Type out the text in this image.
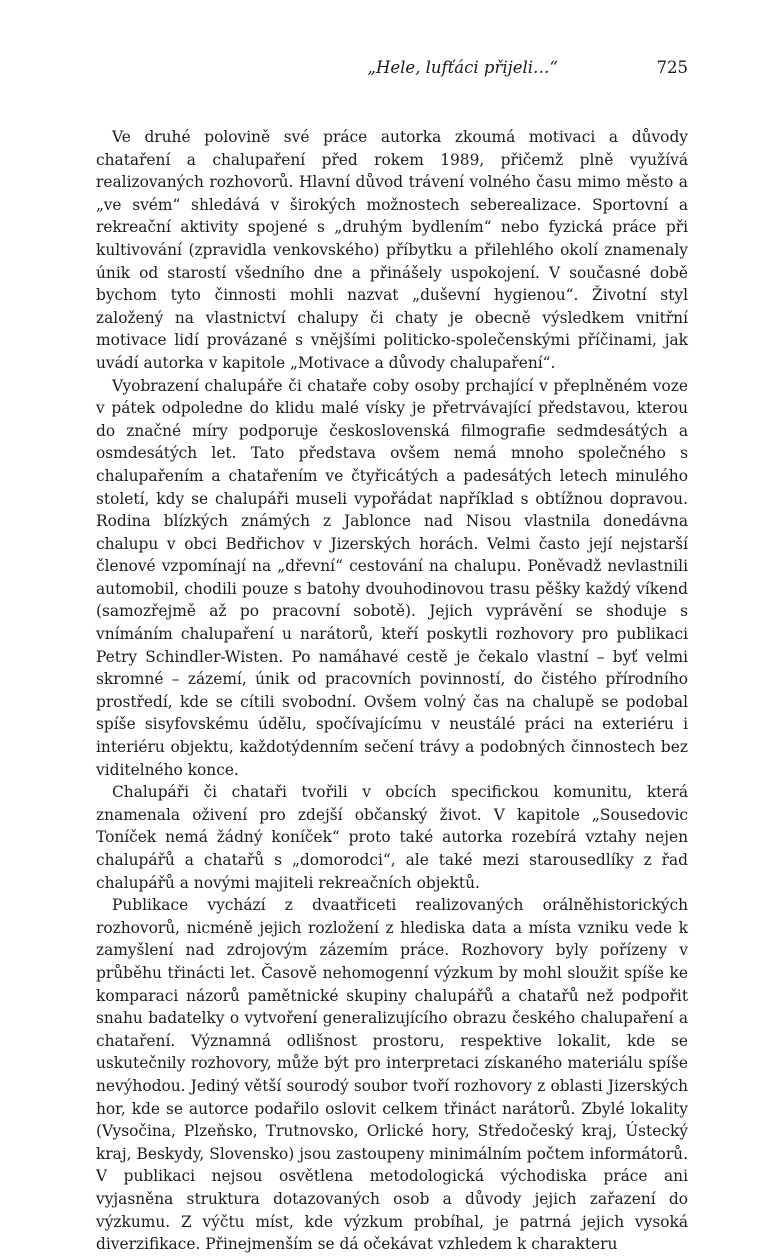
„Hele, lufťáci přijeli…“	725

Ve druhé polovině své práce autorka zkoumá motivaci a důvody chataření a chalupaření před rokem 1989, přičemž plně využívá realizovaných rozhovorů. Hlavní důvod trávení volného času mimo město a „ve svém“ shledává v širokých možnostech seberealizace. Sportovní a rekreační aktivity spojené s „druhým bydlením“ nebo fyzická práce při kultivování (zpravidla venkovského) příbytku a přilehlého okolí znamenaly únik od starostí všedního dne a přinášely uspokojení. V současné době bychom tyto činnosti mohli nazvat „duševní hygienou“. Životní styl založený na vlastnictví chalupy či chaty je obecně výsledkem vnitřní motivace lidí provázané s vnějšími politicko-společenskými příčinami, jak uvádí autorka v kapitole „Motivace a důvody chalupaření“.

Vyobrazení chalupáře či chataře coby osoby prchající v přeplněném voze v pátek odpoledne do klidu malé vísky je přetrvávající představou, kterou do značné míry podporuje československá filmografie sedmdesátých a osmdesátých let. Tato představa ovšem nemá mnoho společného s chalupařením a chatařením ve čtyřicátých a padesátých letech minulého století, kdy se chalupáři museli vypořádat například s obtížnou dopravou. Rodina blízkých známých z Jablonce nad Nisou vlastnila donedávna chalupu v obci Bedřichov v Jizerských horách. Velmi často její nejstarší členové vzpomínají na „dřevní“ cestování na chalupu. Poněvadž nevlastnili automobil, chodili pouze s batohy dvouhodinovou trasu pěšky každý víkend (samozřejmě až po pracovní sobotě). Jejich vyprávění se shoduje s vnímáním chalupaření u narátorů, kteří poskytli rozhovory pro publikaci Petry Schindler-Wisten. Po namáhavé cestě je čekalo vlastní – byť velmi skromné – zázemí, únik od pracovních povinností, do čistého přírodního prostředí, kde se cítili svobodní. Ovšem volný čas na chalupě se podobal spíše sisyfovskému údělu, spočívajícímu v neustálé práci na exteriéru i interiéru objektu, každotýdenním sečení trávy a podobných činnostech bez viditelného konce.

Chalupáři či chataři tvořili v obcích specifickou komunitu, která znamenala oživení pro zdejší občanský život. V kapitole „Sousedovic Toníček nemá žádný koníček“ proto také autorka rozebírá vztahy nejen chalupářů a chatařů s „domorodci“, ale také mezi starousedlíky z řad chalupářů a novými majiteli rekreačních objektů.

Publikace vychází z dvaatřiceti realizovaných orálněhistorických rozhovorů, nicméně jejich rozložení z hlediska data a místa vzniku vede k zamyšlení nad zdrojovým zázemím práce. Rozhovory byly pořízeny v průběhu třinácti let. Časově nehomogenní výzkum by mohl sloužit spíše ke komparaci názorů pamětnické skupiny chalupářů a chatařů než podpořit snahu badatelky o vytvoření generalizujícího obrazu českého chalupaření a chataření. Významná odlišnost prostoru, respektive lokalit, kde se uskutečnily rozhovory, může být pro interpretaci získaného materiálu spíše nevýhodou. Jediný větší sourodý soubor tvoří rozhovory z oblasti Jizerských hor, kde se autorce podařilo oslovit celkem třináct narátorů. Zbylé lokality (Vysočina, Plzeňsko, Trutnovsko, Orlické hory, Středočeský kraj, Ústecký kraj, Beskydy, Slovensko) jsou zastoupeny minimálním počtem informátorů. V publikaci nejsou osvětlena metodologická východiska práce ani vyjasněna struktura dotazovaných osob a důvody jejich zařazení do výzkumu. Z výčtu míst, kde výzkum probíhal, je patrná jejich vysoká diverzifikace. Přinejmenším se dá očekávat vzhledem k charakteru
